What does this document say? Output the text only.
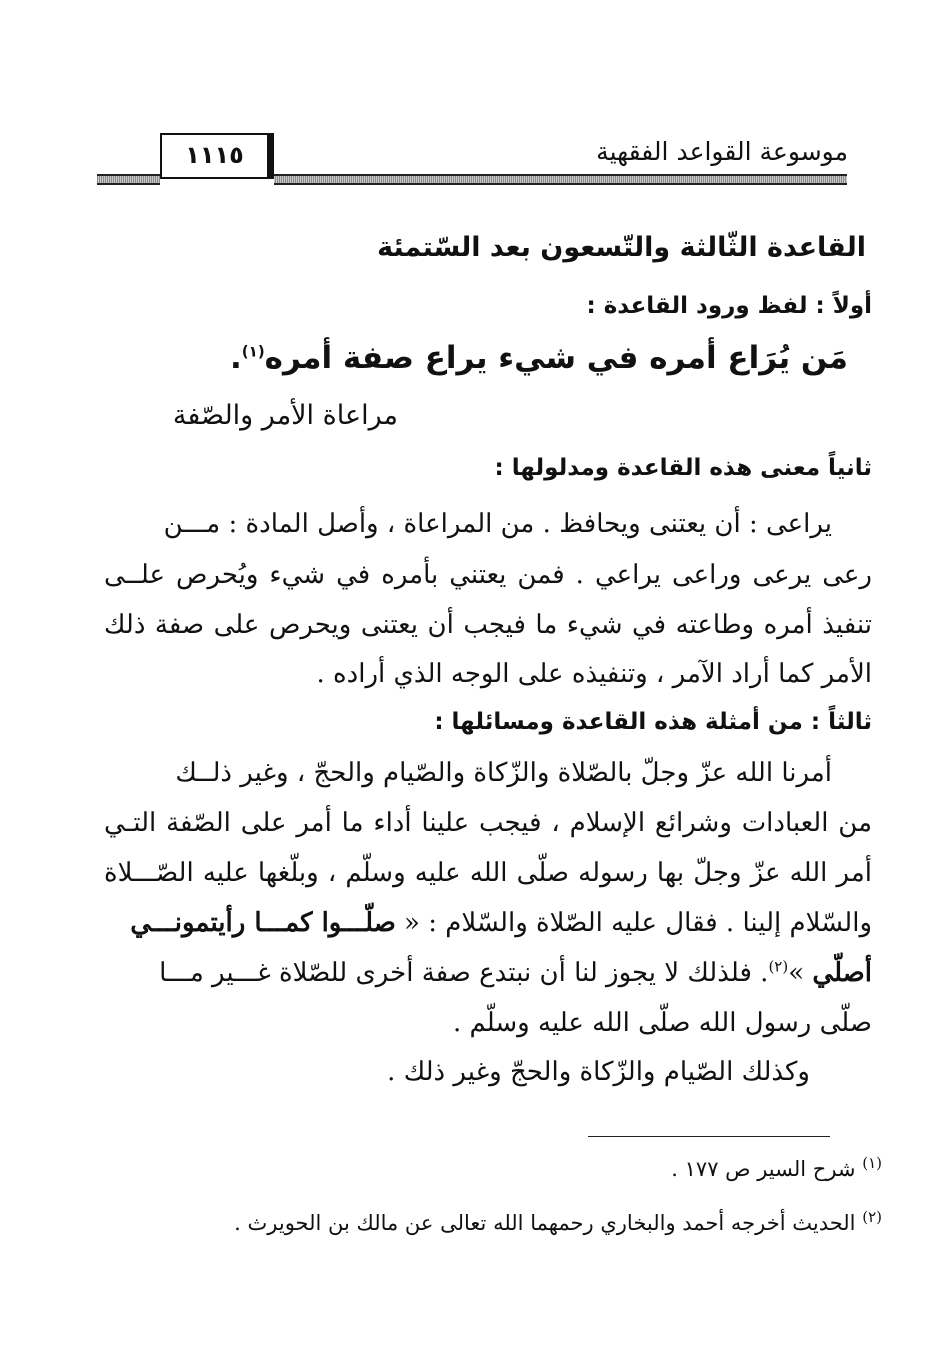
موسوعة القواعد الفقهية
١١١٥
القاعدة الثّالثة والتّسعون بعد السّتمئة
أولاً : لفظ ورود القاعدة :
مَن يُرَاع أمره في شيء يراع صفة أمره$^{(١)}$.
مراعاة الأمر والصّفة
ثانياً معنى هذه القاعدة ومدلولها :
يراعى : أن يعتنى ويحافظ . من المراعاة ، وأصل المادة : مـــن
رعى يرعى وراعى يراعي . فمن يعتني بأمره في شيء ويُحرص علــى
تنفيذ أمره وطاعته في شيء ما فيجب أن يعتنى ويحرص على صفة ذلك
الأمر كما أراد الآمر ، وتنفيذه على الوجه الذي أراده .
ثالثاً : من أمثلة هذه القاعدة ومسائلها :
أمرنا الله عزّ وجلّ بالصّلاة والزّكاة والصّيام والحجّ ، وغير ذلــك
من العبادات وشرائع الإسلام ، فيجب علينا أداء ما أمر على الصّفة التـي
أمر الله عزّ وجلّ بها رسوله صلّى الله عليه وسلّم ، وبلّغها عليه الصّـــلاة
والسّلام إلينا . فقال عليه الصّلاة والسّلام : « صلّـــوا كمـــا رأيتمونـــي
أصلّي »$^{(٢)}$. فلذلك لا يجوز لنا أن نبتدع صفة أخرى للصّلاة غـــير مـــا
صلّى رسول الله صلّى الله عليه وسلّم .
وكذلك الصّيام والزّكاة والحجّ وغير ذلك .
$^{(١)}$ شرح السير ص ١٧٧ .
$^{(٢)}$ الحديث أخرجه أحمد والبخاري رحمهما الله تعالى عن مالك بن الحويرث .
